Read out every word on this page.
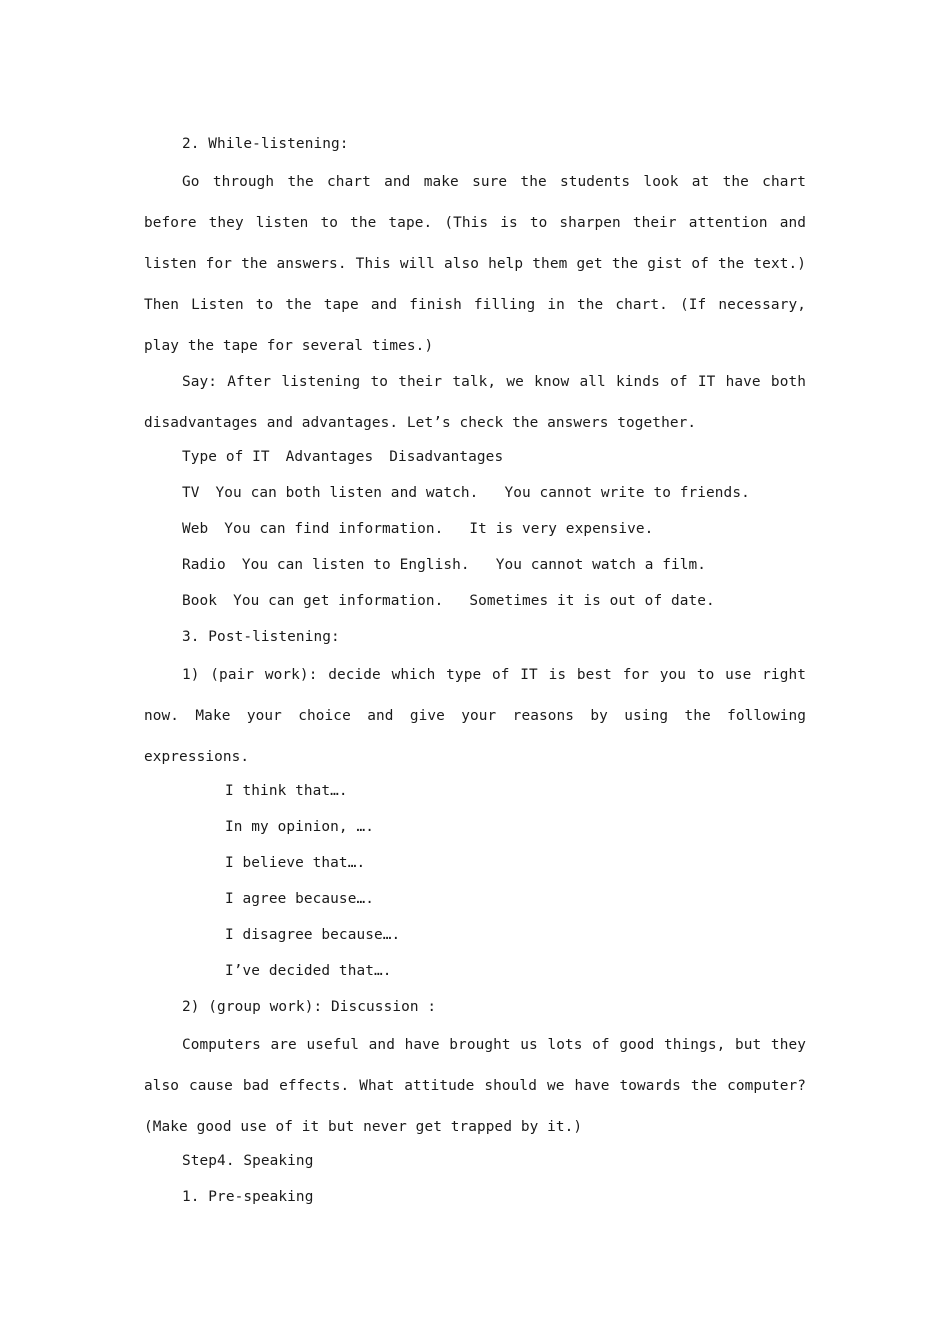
2. While-listening:

Go through the chart and make sure the students look at the chart before they listen to the tape. (This is to sharpen their attention and listen for the answers. This will also help them get the gist of the text.) Then Listen to the tape and finish filling in the chart. (If necessary, play the tape for several times.)

Say: After listening to their talk, we know all kinds of IT have both disadvantages and advantages. Let’s check the answers together.

Type of IT Advantages Disadvantages

TV You can both listen and watch. You cannot write to friends.

Web You can find information. It is very expensive.

Radio You can listen to English. You cannot watch a film.

Book You can get information. Sometimes it is out of date.

3. Post-listening:

1) (pair work): decide which type of IT is best for you to use right now. Make your choice and give your reasons by using the following expressions.

I think that….

In my opinion, ….

I believe that….

I agree because….

I disagree because….

I’ve decided that….

2) (group work): Discussion :

Computers are useful and have brought us lots of good things, but they also cause bad effects. What attitude should we have towards the computer? (Make good use of it but never get trapped by it.)

Step4. Speaking

1. Pre-speaking
